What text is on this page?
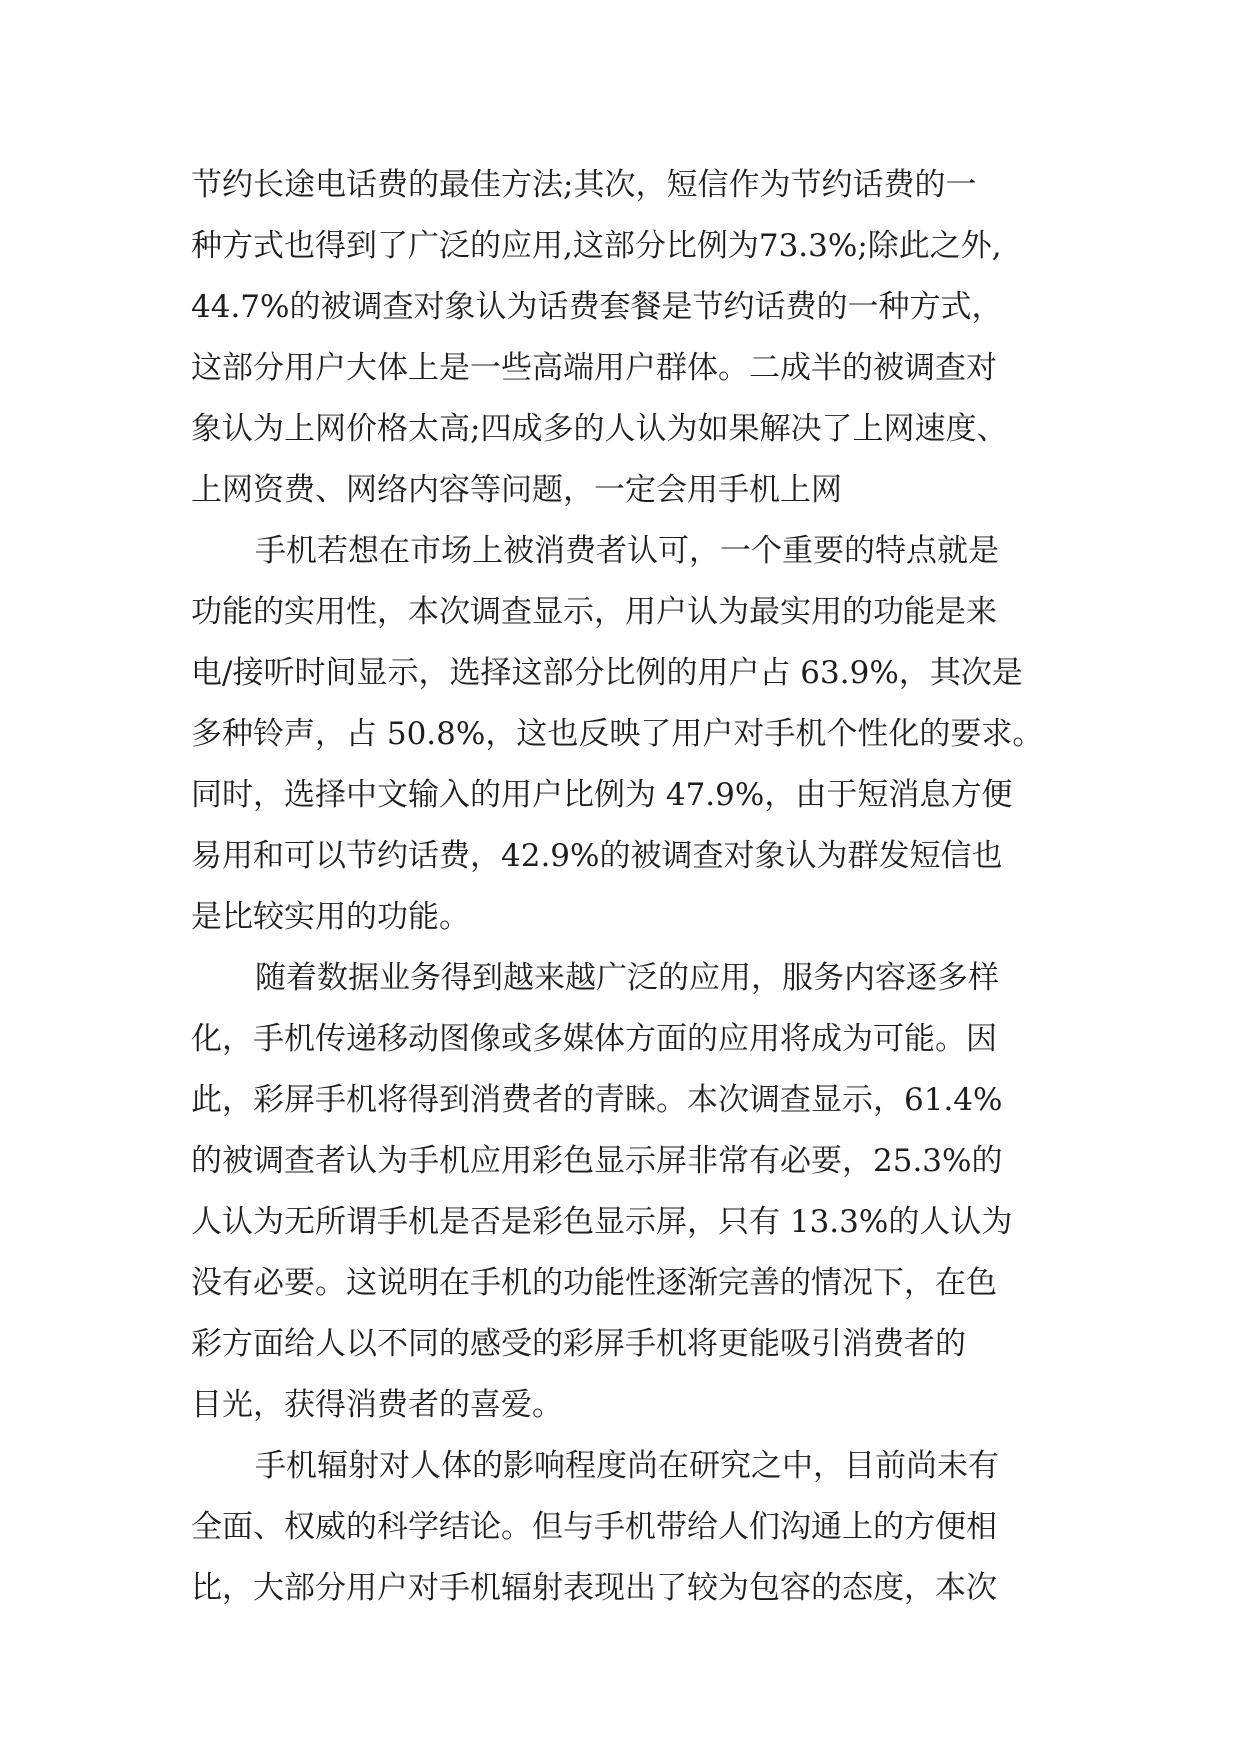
节约长途电话费的最佳方法;其次，短信作为节约话费的一
种方式也得到了广泛的应用,这部分比例为73.3%;除此之外,
44.7%的被调查对象认为话费套餐是节约话费的一种方式，
这部分用户大体上是一些高端用户群体。二成半的被调查对
象认为上网价格太高;四成多的人认为如果解决了上网速度、
上网资费、网络内容等问题，一定会用手机上网
手机若想在市场上被消费者认可，一个重要的特点就是
功能的实用性，本次调查显示，用户认为最实用的功能是来
电/接听时间显示，选择这部分比例的用户占 63.9%，其次是
多种铃声，占 50.8%，这也反映了用户对手机个性化的要求。
同时，选择中文输入的用户比例为 47.9%，由于短消息方便
易用和可以节约话费，42.9%的被调查对象认为群发短信也
是比较实用的功能。
随着数据业务得到越来越广泛的应用，服务内容逐多样
化，手机传递移动图像或多媒体方面的应用将成为可能。因
此，彩屏手机将得到消费者的青睐。本次调查显示，61.4%
的被调查者认为手机应用彩色显示屏非常有必要，25.3%的
人认为无所谓手机是否是彩色显示屏，只有 13.3%的人认为
没有必要。这说明在手机的功能性逐渐完善的情况下，在色
彩方面给人以不同的感受的彩屏手机将更能吸引消费者的
目光，获得消费者的喜爱。
手机辐射对人体的影响程度尚在研究之中，目前尚未有
全面、权威的科学结论。但与手机带给人们沟通上的方便相
比，大部分用户对手机辐射表现出了较为包容的态度，本次
